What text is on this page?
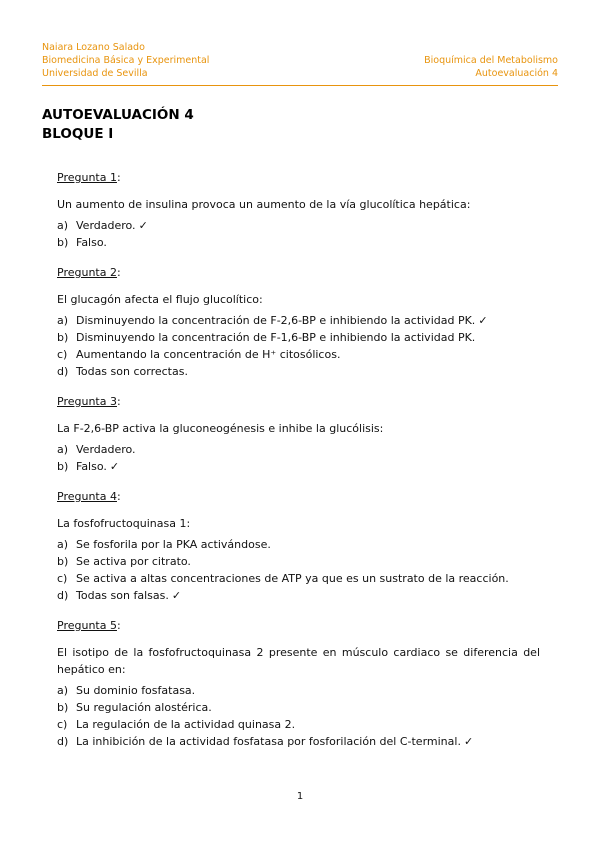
Naiara Lozano Salado
Biomedicina Básica y Experimental
Universidad de Sevilla
Bioquímica del Metabolismo
Autoevaluación 4
AUTOEVALUACIÓN 4
BLOQUE I
Pregunta 1:
Un aumento de insulina provoca un aumento de la vía glucolítica hepática:
a) Verdadero. ✓
b) Falso.
Pregunta 2:
El glucagón afecta el flujo glucolítico:
a) Disminuyendo la concentración de F-2,6-BP e inhibiendo la actividad PK. ✓
b) Disminuyendo la concentración de F-1,6-BP e inhibiendo la actividad PK.
c) Aumentando la concentración de H⁺ citosólicos.
d) Todas son correctas.
Pregunta 3:
La F-2,6-BP activa la gluconeogénesis e inhibe la glucólisis:
a) Verdadero.
b) Falso. ✓
Pregunta 4:
La fosfofructoquinasa 1:
a) Se fosforila por la PKA activándose.
b) Se activa por citrato.
c) Se activa a altas concentraciones de ATP ya que es un sustrato de la reacción.
d) Todas son falsas. ✓
Pregunta 5:
El isotipo de la fosfofructoquinasa 2 presente en músculo cardiaco se diferencia del hepático en:
a) Su dominio fosfatasa.
b) Su regulación alostérica.
c) La regulación de la actividad quinasa 2.
d) La inhibición de la actividad fosfatasa por fosforilación del C-terminal. ✓
1
